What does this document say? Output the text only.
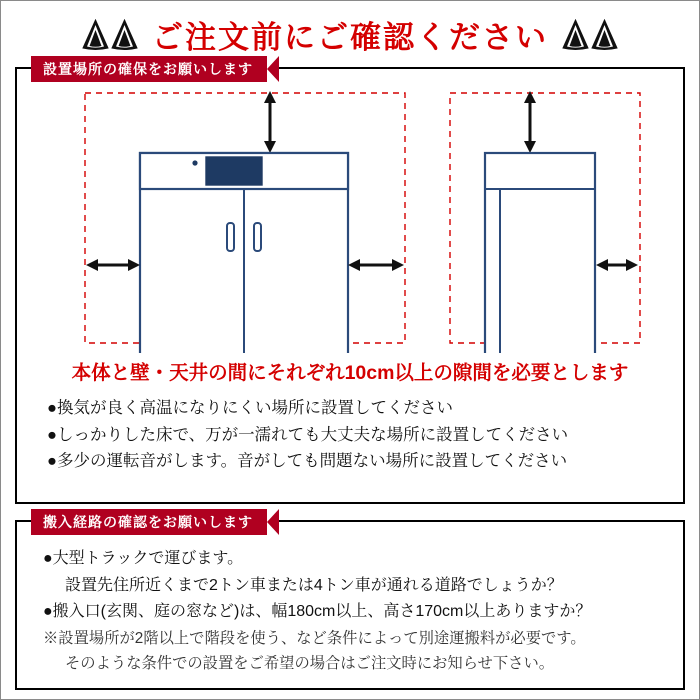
ご注文前にご確認ください
設置場所の確保をお願いします
本体と壁・天井の間にそれぞれ10cm以上の隙間を必要とします
●換気が良く高温になりにくい場所に設置してください
●しっかりした床で、万が一濡れても大丈夫な場所に設置してください
●多少の運転音がします。音がしても問題ない場所に設置してください
搬入経路の確認をお願いします
●大型トラックで運びます。
設置先住所近くまで2トン車または4トン車が通れる道路でしょうか？
●搬入口(玄関、庭の窓など)は、幅180cm以上、高さ170cm以上ありますか？
※設置場所が2階以上で階段を使う、など条件によって別途運搬料が必要です。
そのような条件での設置をご希望の場合はご注文時にお知らせ下さい。
